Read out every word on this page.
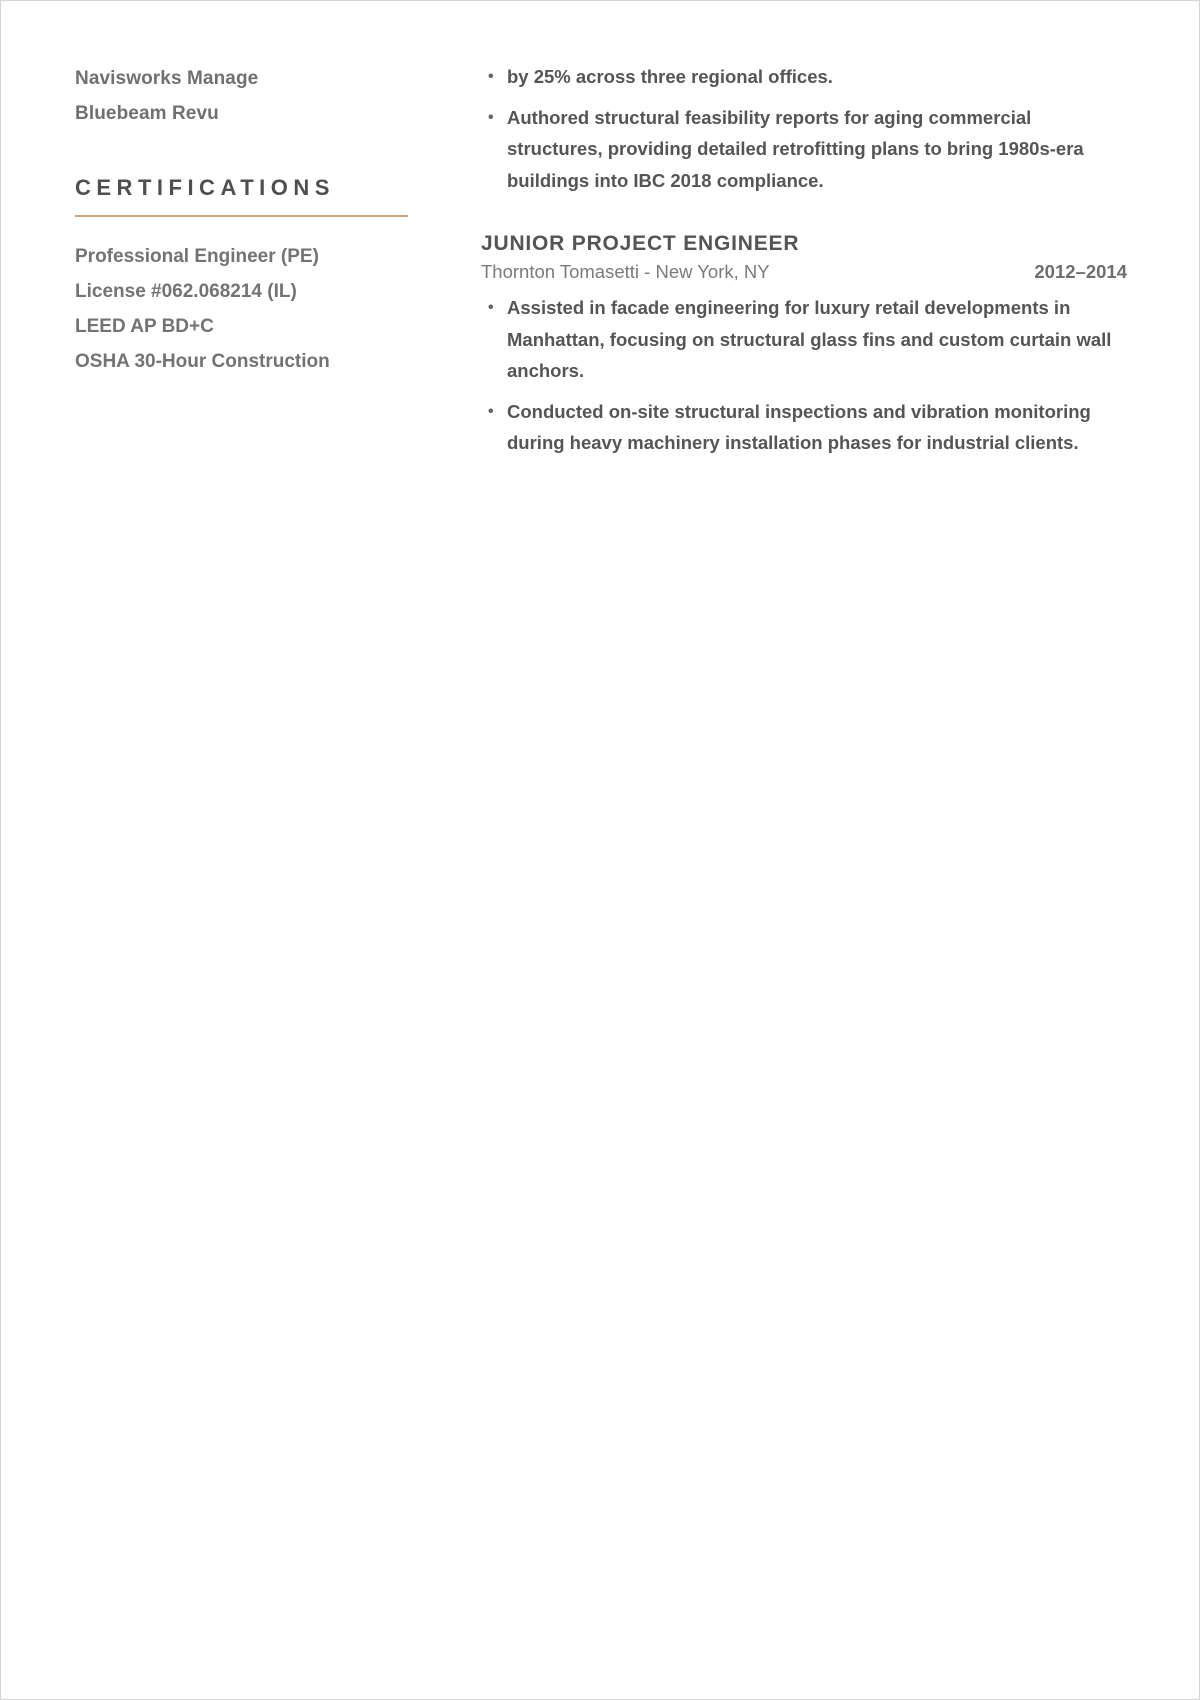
Navisworks Manage
Bluebeam Revu
CERTIFICATIONS
Professional Engineer (PE)
License #062.068214 (IL)
LEED AP BD+C
OSHA 30-Hour Construction
• by 25% across three regional offices.
• Authored structural feasibility reports for aging commercial structures, providing detailed retrofitting plans to bring 1980s-era buildings into IBC 2018 compliance.
JUNIOR PROJECT ENGINEER
Thornton Tomasetti - New York, NY	2012–2014
• Assisted in facade engineering for luxury retail developments in Manhattan, focusing on structural glass fins and custom curtain wall anchors.
• Conducted on-site structural inspections and vibration monitoring during heavy machinery installation phases for industrial clients.
